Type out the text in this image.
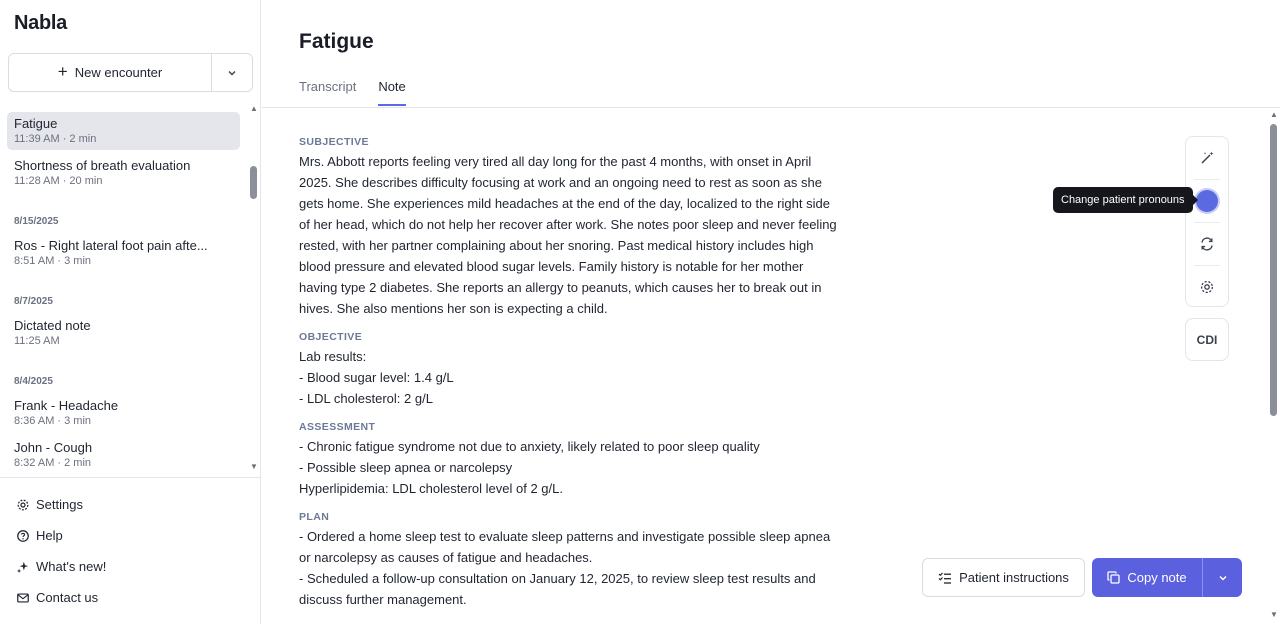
Nabla
+ New encounter
Fatigue
11:39 AM · 2 min
Shortness of breath evaluation
11:28 AM · 20 min
8/15/2025
Ros - Right lateral foot pain afte...
8:51 AM · 3 min
8/7/2025
Dictated note
11:25 AM
8/4/2025
Frank - Headache
8:36 AM · 3 min
John - Cough
8:32 AM · 2 min
▲
▼
Settings
Help
What's new!
Contact us
Fatigue
Transcript Note
SUBJECTIVE

Mrs. Abbott reports feeling very tired all day long for the past 4 months, with onset in April 2025. She describes difficulty focusing at work and an ongoing need to rest as soon as she gets home. She experiences mild headaches at the end of the day, localized to the right side of her head, which do not help her recover after work. She notes poor sleep and never feeling rested, with her partner complaining about her snoring. Past medical history includes high blood pressure and elevated blood sugar levels. Family history is notable for her mother having type 2 diabetes. She reports an allergy to peanuts, which causes her to break out in hives. She also mentions her son is expecting a child.

OBJECTIVE

Lab results:

- Blood sugar level: 1.4 g/L

- LDL cholesterol: 2 g/L

ASSESSMENT

- Chronic fatigue syndrome not due to anxiety, likely related to poor sleep quality

- Possible sleep apnea or narcolepsy

Hyperlipidemia: LDL cholesterol level of 2 g/L.

PLAN

- Ordered a home sleep test to evaluate sleep patterns and investigate possible sleep apnea or narcolepsy as causes of fatigue and headaches.

- Scheduled a follow-up consultation on January 12, 2025, to review sleep test results and discuss further management.

Change patient pronouns
CDI
▲
▼
Patient instructions	Copy note
